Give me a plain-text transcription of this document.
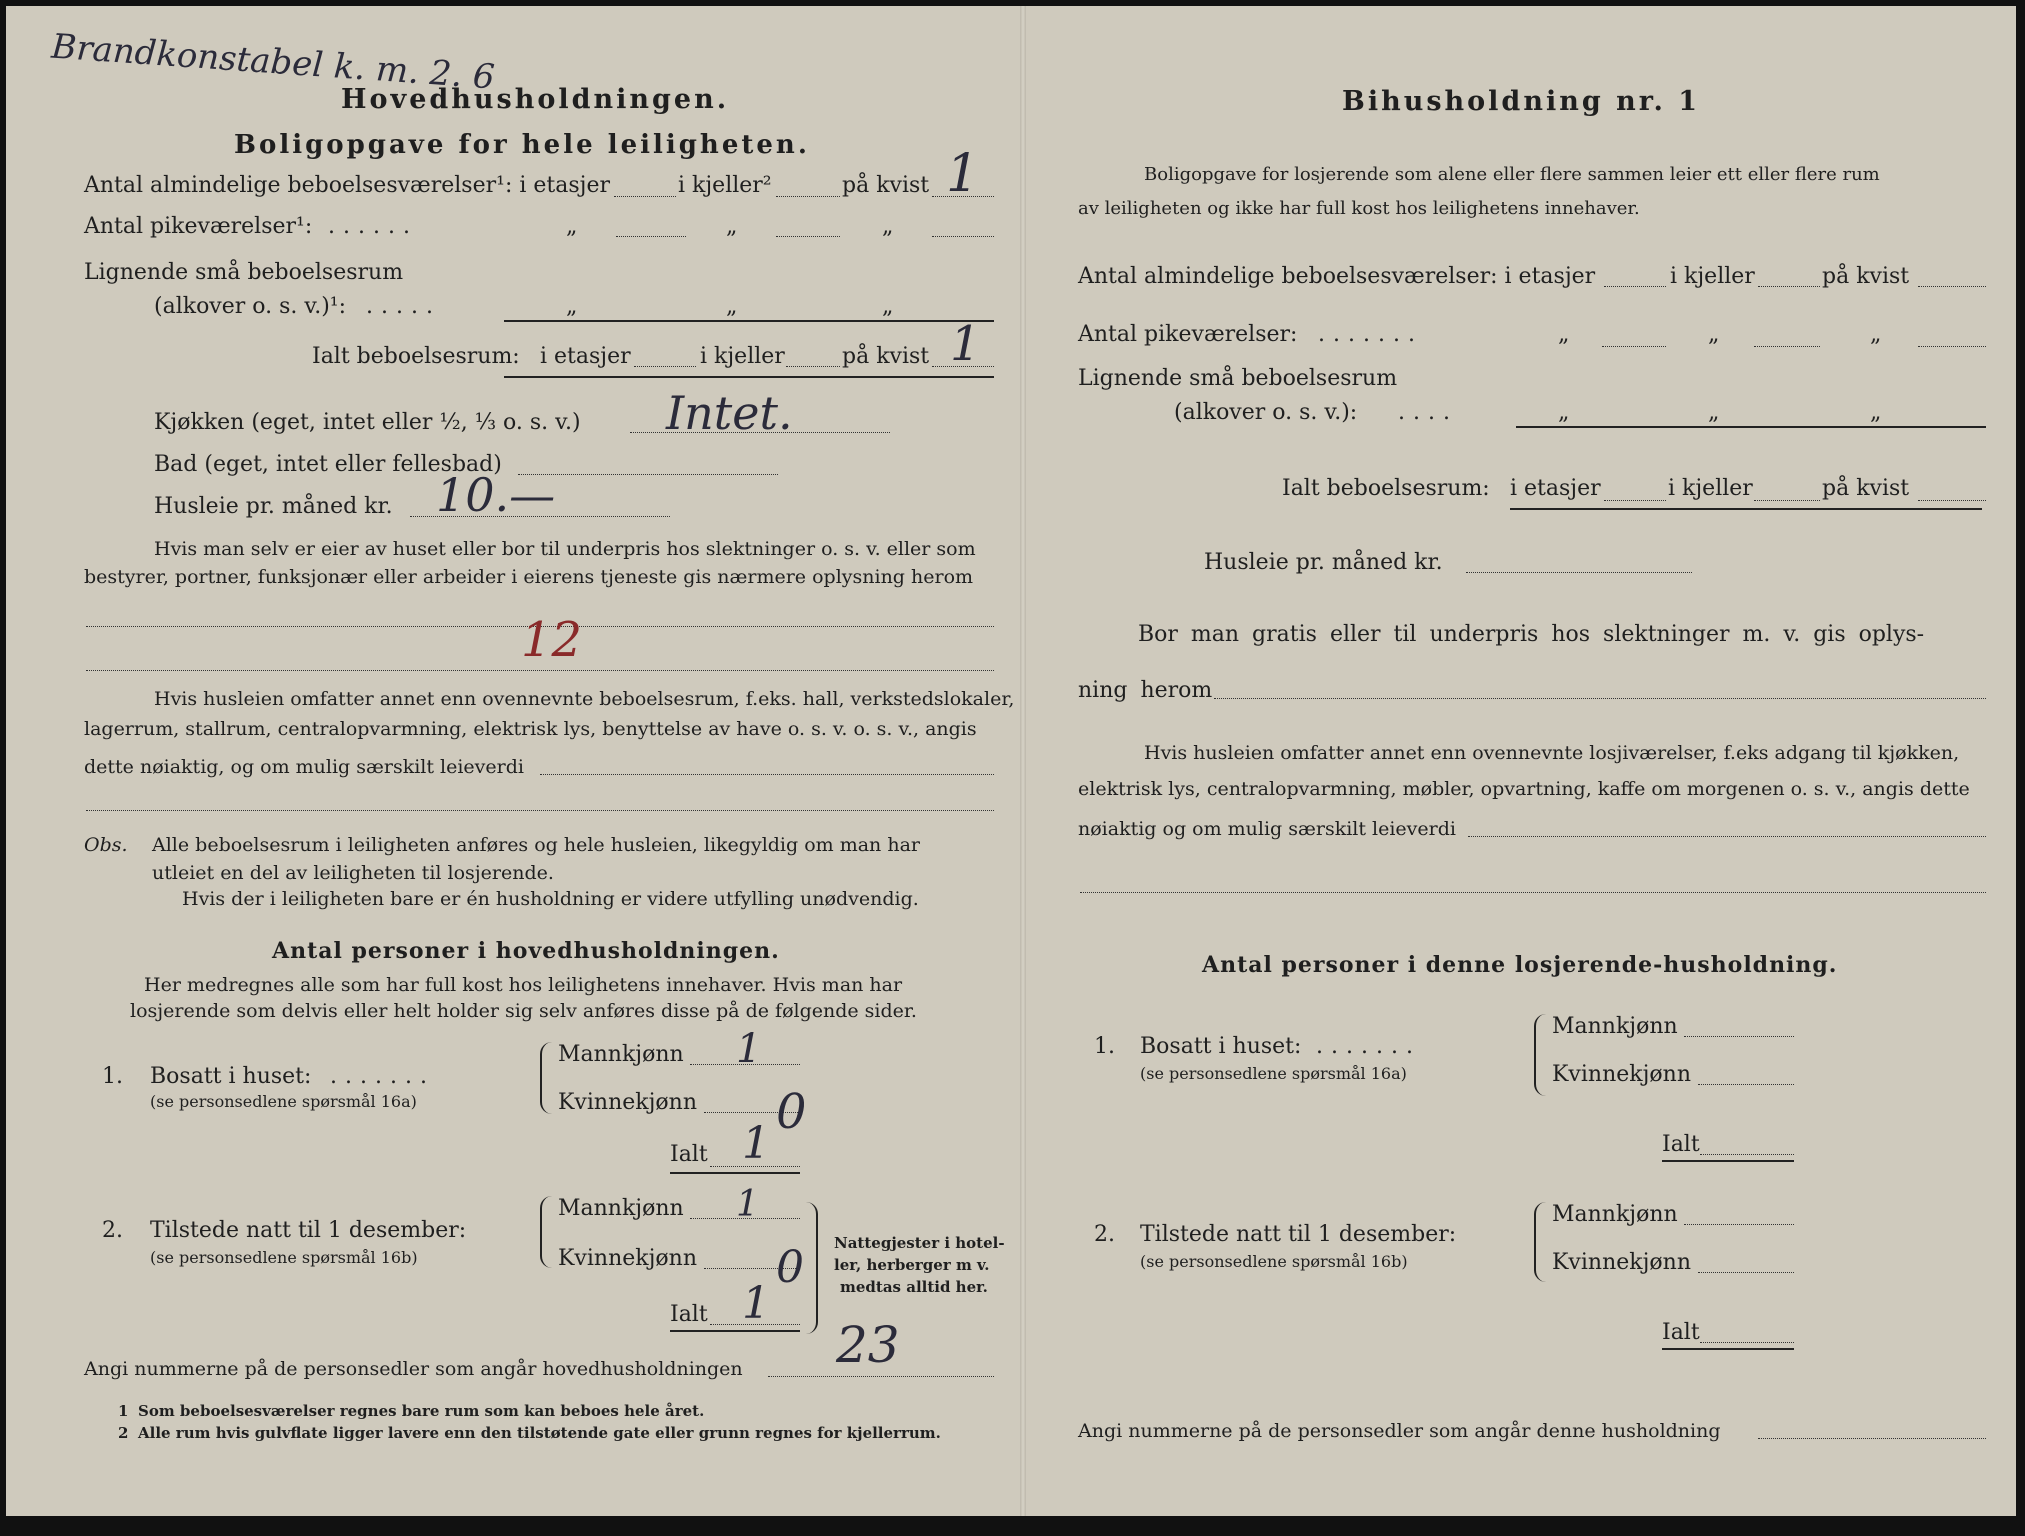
Brandkonstabel k. m. 2. 6
Hovedhusholdningen.
Boligopgave for hele leiligheten.
Antal almindelige beboelsesværelser¹: i etasjer	i kjeller²	på kvist 1
Antal pikeværelser¹: ......	„	„	„
Lignende små beboelsesrum
(alkover o. s. v.)¹: .....	„	„	„
Ialt beboelsesrum: i etasjer	i kjeller	på kvist 1
Kjøkken (eget, intet eller ½, ⅓ o. s. v.) Intet.
Bad (eget, intet eller fellesbad)
Husleie pr. måned kr. 10.—
Hvis man selv er eier av huset eller bor til underpris hos slektninger o. s. v. eller som
bestyrer, portner, funksjonær eller arbeider i eierens tjeneste gis nærmere oplysning herom
12
Hvis husleien omfatter annet enn ovennevnte beboelsesrum, f.eks. hall, verkstedslokaler,
lagerrum, stallrum, centralopvarmning, elektrisk lys, benyttelse av have o. s. v. o. s. v., angis
dette nøiaktig, og om mulig særskilt leieverdi
Obs. Alle beboelsesrum i leiligheten anføres og hele husleien, likegyldig om man har
utleiet en del av leiligheten til losjerende.
Hvis der i leiligheten bare er én husholdning er videre utfylling unødvendig.
Antal personer i hovedhusholdningen.
Her medregnes alle som har full kost hos leilighetens innehaver. Hvis man har
losjerende som delvis eller helt holder sig selv anføres disse på de følgende sider.
1. Bosatt i huset: .......
(se personsedlene spørsmål 16a)
Mannkjønn 1
Kvinnekjønn 0
Ialt 1
2. Tilstede natt til 1 desember:
(se personsedlene spørsmål 16b)
Mannkjønn 1
Kvinnekjønn 0
Ialt 1
Nattegjester i hotel-
ler, herberger m v.
medtas alltid her.
Angi nummerne på de personsedler som angår hovedhusholdningen 23
1 Som beboelsesværelser regnes bare rum som kan beboes hele året.
2 Alle rum hvis gulvflate ligger lavere enn den tilstøtende gate eller grunn regnes for kjellerrum.
Bihusholdning nr. 1
Boligopgave for losjerende som alene eller flere sammen leier ett eller flere rum
av leiligheten og ikke har full kost hos leilighetens innehaver.
Antal almindelige beboelsesværelser: i etasjer	i kjeller	på kvist
Antal pikeværelser: .......	„	„	„
Lignende små beboelsesrum
(alkover o. s. v.): ....	„	„	„
Ialt beboelsesrum: i etasjer	i kjeller	på kvist
Husleie pr. måned kr.
Bor man gratis eller til underpris hos slektninger m. v. gis oplys-
ning herom
Hvis husleien omfatter annet enn ovennevnte losjiværelser, f.eks adgang til kjøkken,
elektrisk lys, centralopvarmning, møbler, opvartning, kaffe om morgenen o. s. v., angis dette
nøiaktig og om mulig særskilt leieverdi
Antal personer i denne losjerende-husholdning.
1. Bosatt i huset: .......
(se personsedlene spørsmål 16a)
Mannkjønn
Kvinnekjønn
Ialt
2. Tilstede natt til 1 desember:
(se personsedlene spørsmål 16b)
Mannkjønn
Kvinnekjønn
Ialt
Angi nummerne på de personsedler som angår denne husholdning
